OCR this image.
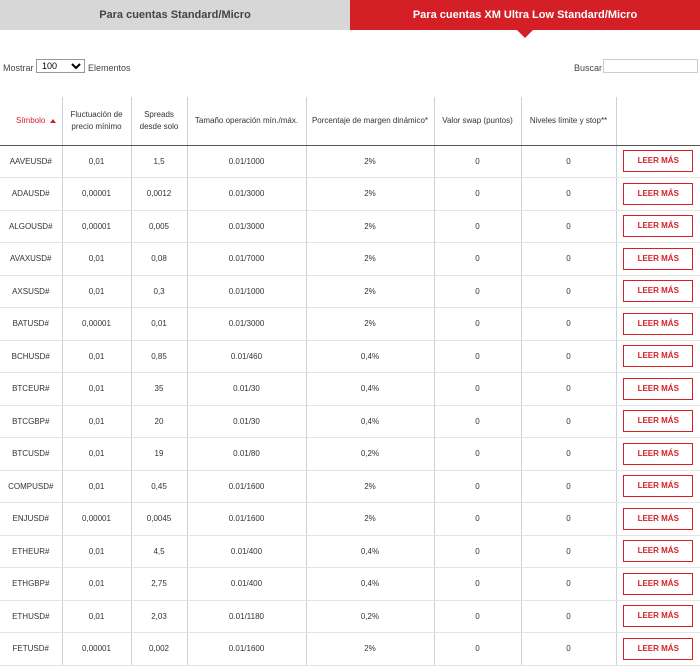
Para cuentas Standard/Micro	Para cuentas XM Ultra Low Standard/Micro
Mostrar
100	Elementos	Buscar
Símbolo	Fluctuación de precio mínimo	Spreads desde solo	Tamaño operación mín./máx.	Porcentaje de margen dinámico*	Valor swap (puntos)	Niveles límite y stop**	
AAVEUSD#	0,01	1,5	0.01/1000	2%	0	0	LEER MÁS
ADAUSD#	0,00001	0,0012	0.01/3000	2%	0	0	LEER MÁS
ALGOUSD#	0,00001	0,005	0.01/3000	2%	0	0	LEER MÁS
AVAXUSD#	0,01	0,08	0.01/7000	2%	0	0	LEER MÁS
AXSUSD#	0,01	0,3	0.01/1000	2%	0	0	LEER MÁS
BATUSD#	0,00001	0,01	0.01/3000	2%	0	0	LEER MÁS
BCHUSD#	0,01	0,85	0.01/460	0,4%	0	0	LEER MÁS
BTCEUR#	0,01	35	0.01/30	0,4%	0	0	LEER MÁS
BTCGBP#	0,01	20	0.01/30	0,4%	0	0	LEER MÁS
BTCUSD#	0,01	19	0.01/80	0,2%	0	0	LEER MÁS
COMPUSD#	0,01	0,45	0.01/1600	2%	0	0	LEER MÁS
ENJUSD#	0,00001	0,0045	0.01/1600	2%	0	0	LEER MÁS
ETHEUR#	0,01	4,5	0.01/400	0,4%	0	0	LEER MÁS
ETHGBP#	0,01	2,75	0.01/400	0,4%	0	0	LEER MÁS
ETHUSD#	0,01	2,03	0.01/1180	0,2%	0	0	LEER MÁS
FETUSD#	0,00001	0,002	0.01/1600	2%	0	0	LEER MÁS
